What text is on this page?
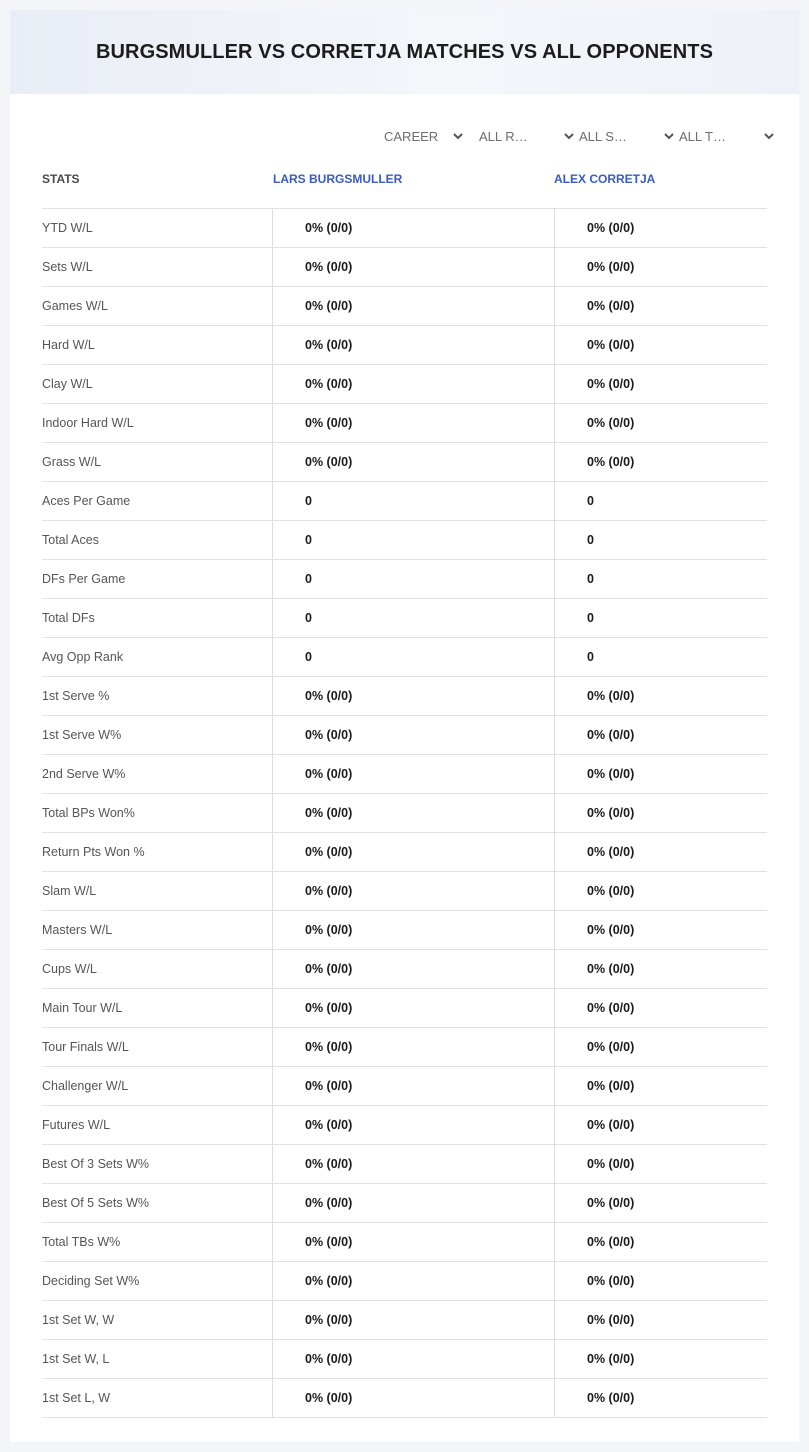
BURGSMULLER VS CORRETJA MATCHES VS ALL OPPONENTS
CAREER	ALL R…	ALL S…	ALL T…
STATS	LARS BURGSMULLER	ALEX CORRETJA
YTD W/L	0% (0/0)	0% (0/0)
Sets W/L	0% (0/0)	0% (0/0)
Games W/L	0% (0/0)	0% (0/0)
Hard W/L	0% (0/0)	0% (0/0)
Clay W/L	0% (0/0)	0% (0/0)
Indoor Hard W/L	0% (0/0)	0% (0/0)
Grass W/L	0% (0/0)	0% (0/0)
Aces Per Game	0	0
Total Aces	0	0
DFs Per Game	0	0
Total DFs	0	0
Avg Opp Rank	0	0
1st Serve %	0% (0/0)	0% (0/0)
1st Serve W%	0% (0/0)	0% (0/0)
2nd Serve W%	0% (0/0)	0% (0/0)
Total BPs Won%	0% (0/0)	0% (0/0)
Return Pts Won %	0% (0/0)	0% (0/0)
Slam W/L	0% (0/0)	0% (0/0)
Masters W/L	0% (0/0)	0% (0/0)
Cups W/L	0% (0/0)	0% (0/0)
Main Tour W/L	0% (0/0)	0% (0/0)
Tour Finals W/L	0% (0/0)	0% (0/0)
Challenger W/L	0% (0/0)	0% (0/0)
Futures W/L	0% (0/0)	0% (0/0)
Best Of 3 Sets W%	0% (0/0)	0% (0/0)
Best Of 5 Sets W%	0% (0/0)	0% (0/0)
Total TBs W%	0% (0/0)	0% (0/0)
Deciding Set W%	0% (0/0)	0% (0/0)
1st Set W, W	0% (0/0)	0% (0/0)
1st Set W, L	0% (0/0)	0% (0/0)
1st Set L, W	0% (0/0)	0% (0/0)
